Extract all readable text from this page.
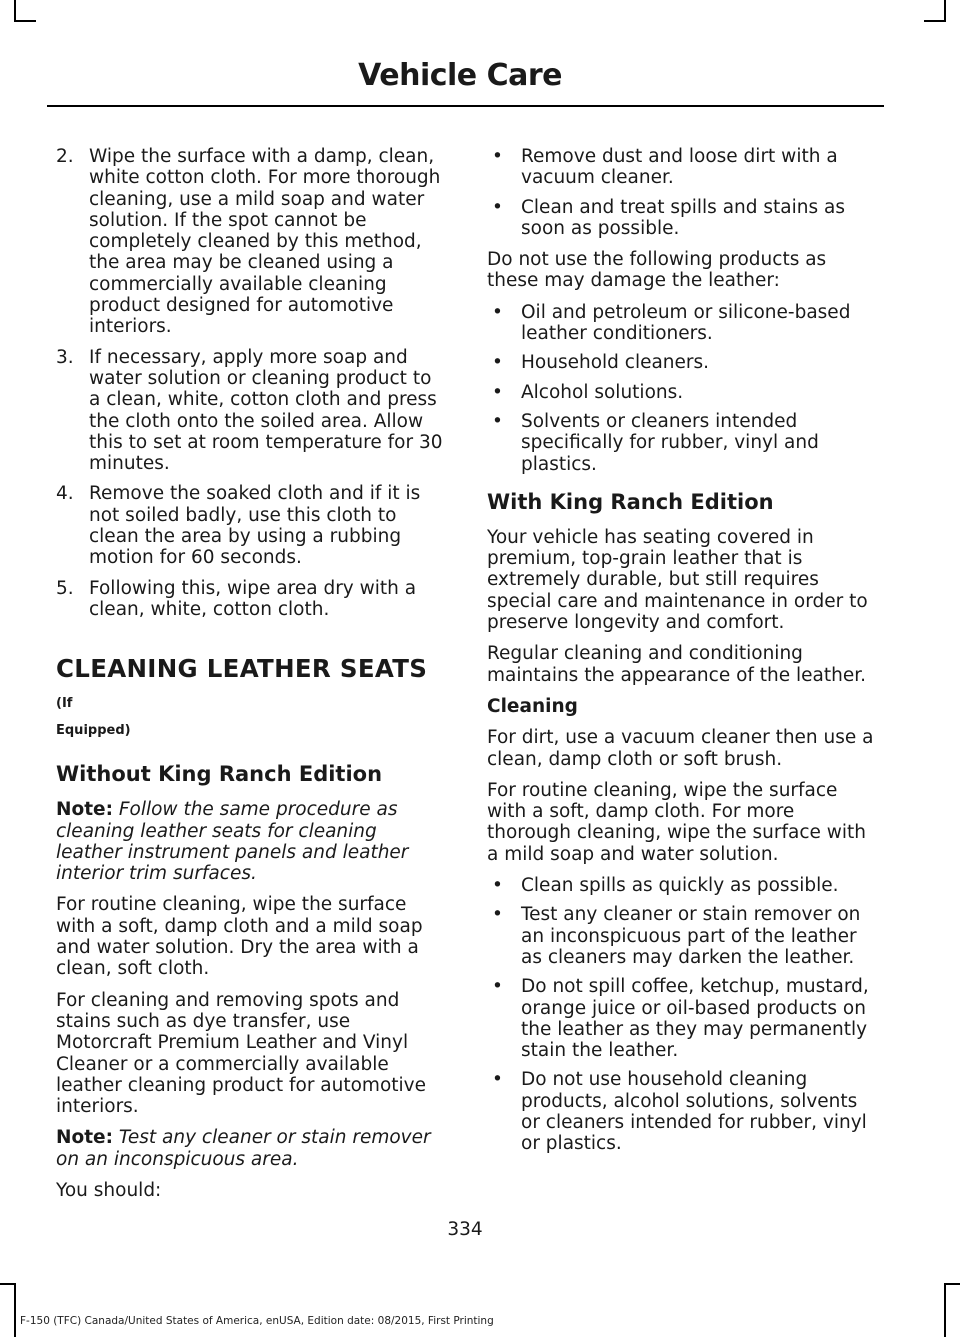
Vehicle Care
2. Wipe the surface with a damp, clean, white cotton cloth. For more thorough cleaning, use a mild soap and water solution. If the spot cannot be completely cleaned by this method, the area may be cleaned using a commercially available cleaning product designed for automotive interiors.
3. If necessary, apply more soap and water solution or cleaning product to a clean, white, cotton cloth and press the cloth onto the soiled area. Allow this to set at room temperature for 30 minutes.
4. Remove the soaked cloth and if it is not soiled badly, use this cloth to clean the area by using a rubbing motion for 60 seconds.
5. Following this, wipe area dry with a clean, white, cotton cloth.
CLEANING LEATHER SEATS (If
Equipped)
Without King Ranch Edition

Note: Follow the same procedure as cleaning leather seats for cleaning leather instrument panels and leather interior trim surfaces.

For routine cleaning, wipe the surface with a soft, damp cloth and a mild soap and water solution. Dry the area with a clean, soft cloth.

For cleaning and removing spots and stains such as dye transfer, use Motorcraft Premium Leather and Vinyl Cleaner or a commercially available leather cleaning product for automotive interiors.

Note: Test any cleaner or stain remover on an inconspicuous area.

You should:

• Remove dust and loose dirt with a vacuum cleaner.
• Clean and treat spills and stains as soon as possible.

Do not use the following products as these may damage the leather:

• Oil and petroleum or silicone-based leather conditioners.
• Household cleaners.
• Alcohol solutions.
• Solvents or cleaners intended specifically for rubber, vinyl and plastics.
With King Ranch Edition

Your vehicle has seating covered in premium, top-grain leather that is extremely durable, but still requires special care and maintenance in order to preserve longevity and comfort.

Regular cleaning and conditioning maintains the appearance of the leather.

Cleaning

For dirt, use a vacuum cleaner then use a clean, damp cloth or soft brush.

For routine cleaning, wipe the surface with a soft, damp cloth. For more thorough cleaning, wipe the surface with a mild soap and water solution.

• Clean spills as quickly as possible.
• Test any cleaner or stain remover on an inconspicuous part of the leather as cleaners may darken the leather.
• Do not spill coffee, ketchup, mustard, orange juice or oil-based products on the leather as they may permanently stain the leather.
• Do not use household cleaning products, alcohol solutions, solvents or cleaners intended for rubber, vinyl or plastics.
334
F-150 (TFC) Canada/United States of America, enUSA, Edition date: 08/2015, First Printing
